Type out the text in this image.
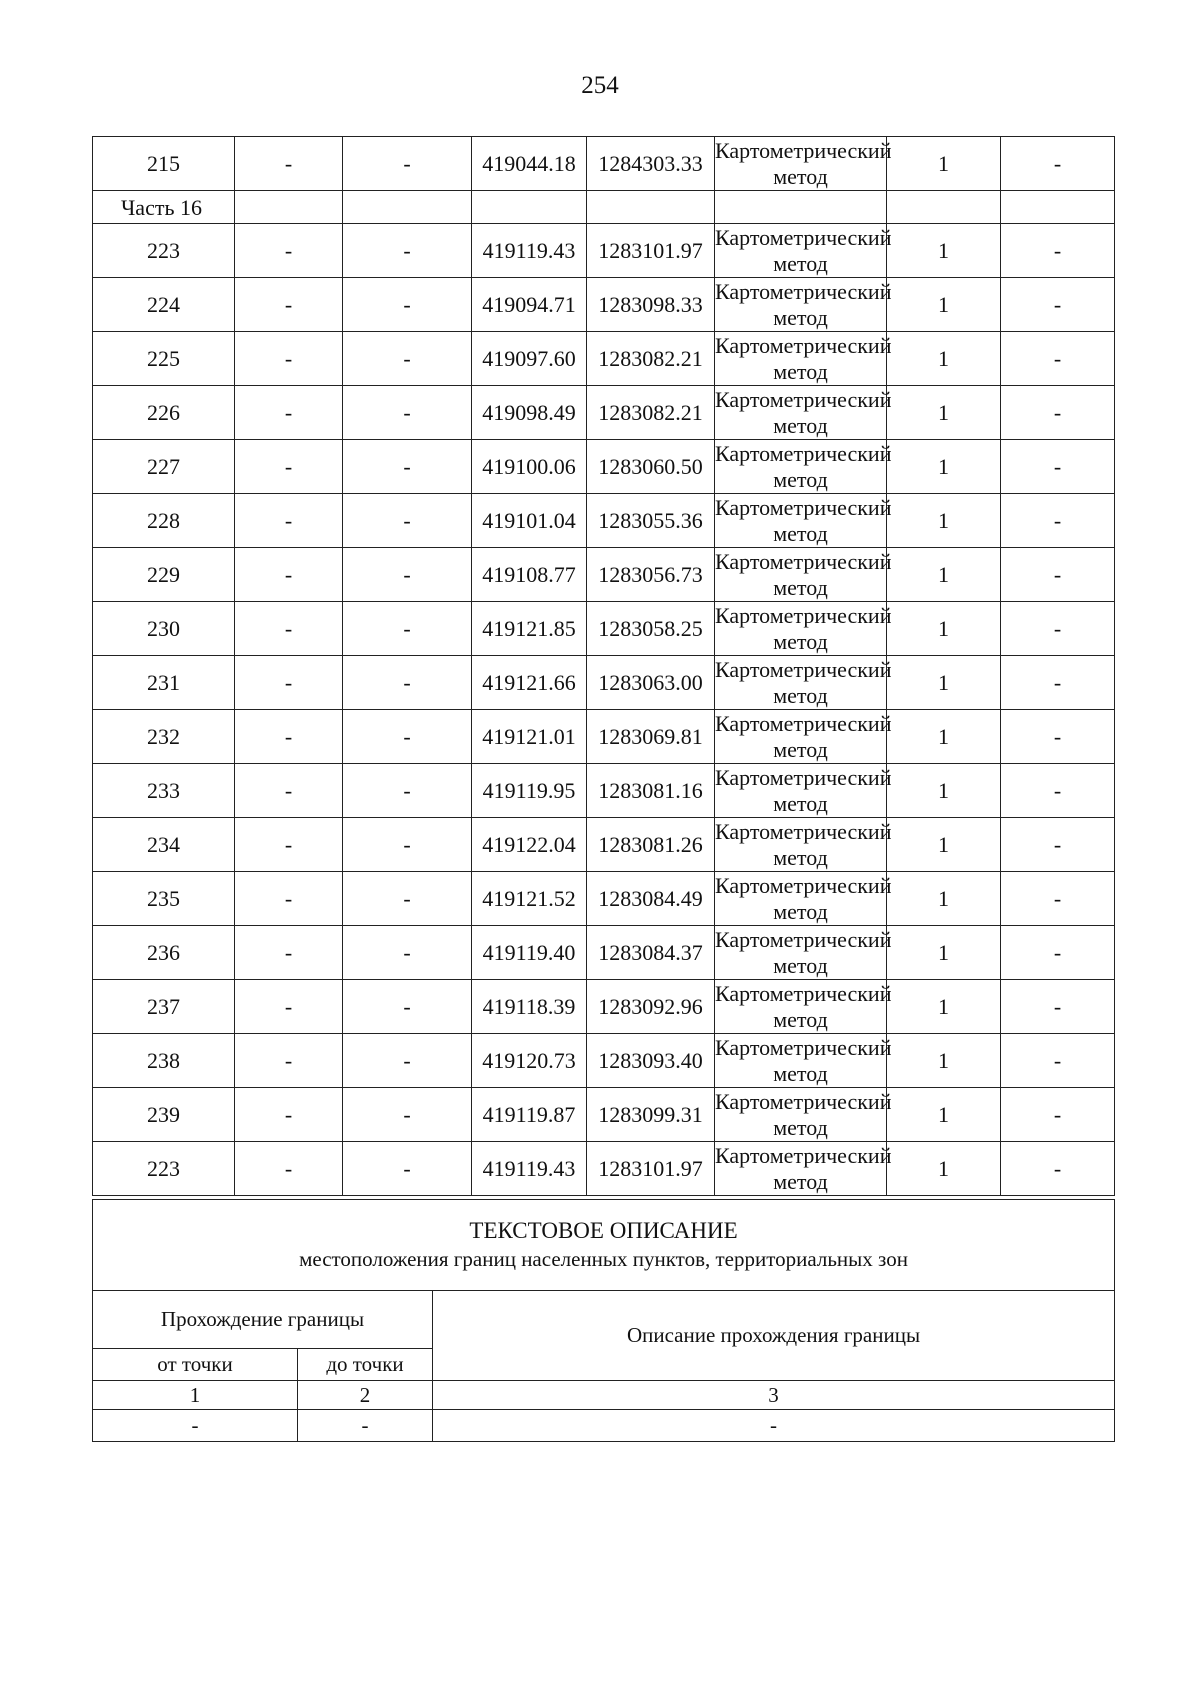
254
215	-	-	419044.18	1284303.33	Картометрический метод	1	-
Часть 16							
223	-	-	419119.43	1283101.97	Картометрический метод	1	-
224	-	-	419094.71	1283098.33	Картометрический метод	1	-
225	-	-	419097.60	1283082.21	Картометрический метод	1	-
226	-	-	419098.49	1283082.21	Картометрический метод	1	-
227	-	-	419100.06	1283060.50	Картометрический метод	1	-
228	-	-	419101.04	1283055.36	Картометрический метод	1	-
229	-	-	419108.77	1283056.73	Картометрический метод	1	-
230	-	-	419121.85	1283058.25	Картометрический метод	1	-
231	-	-	419121.66	1283063.00	Картометрический метод	1	-
232	-	-	419121.01	1283069.81	Картометрический метод	1	-
233	-	-	419119.95	1283081.16	Картометрический метод	1	-
234	-	-	419122.04	1283081.26	Картометрический метод	1	-
235	-	-	419121.52	1283084.49	Картометрический метод	1	-
236	-	-	419119.40	1283084.37	Картометрический метод	1	-
237	-	-	419118.39	1283092.96	Картометрический метод	1	-
238	-	-	419120.73	1283093.40	Картометрический метод	1	-
239	-	-	419119.87	1283099.31	Картометрический метод	1	-
223	-	-	419119.43	1283101.97	Картометрический метод	1	-
ТЕКСТОВОЕ ОПИСАНИЕ
местоположения границ населенных пунктов, территориальных зон		

Прохождение границы		Описание прохождения границы
от точки	до точки	
1	2	3
-	-	-
